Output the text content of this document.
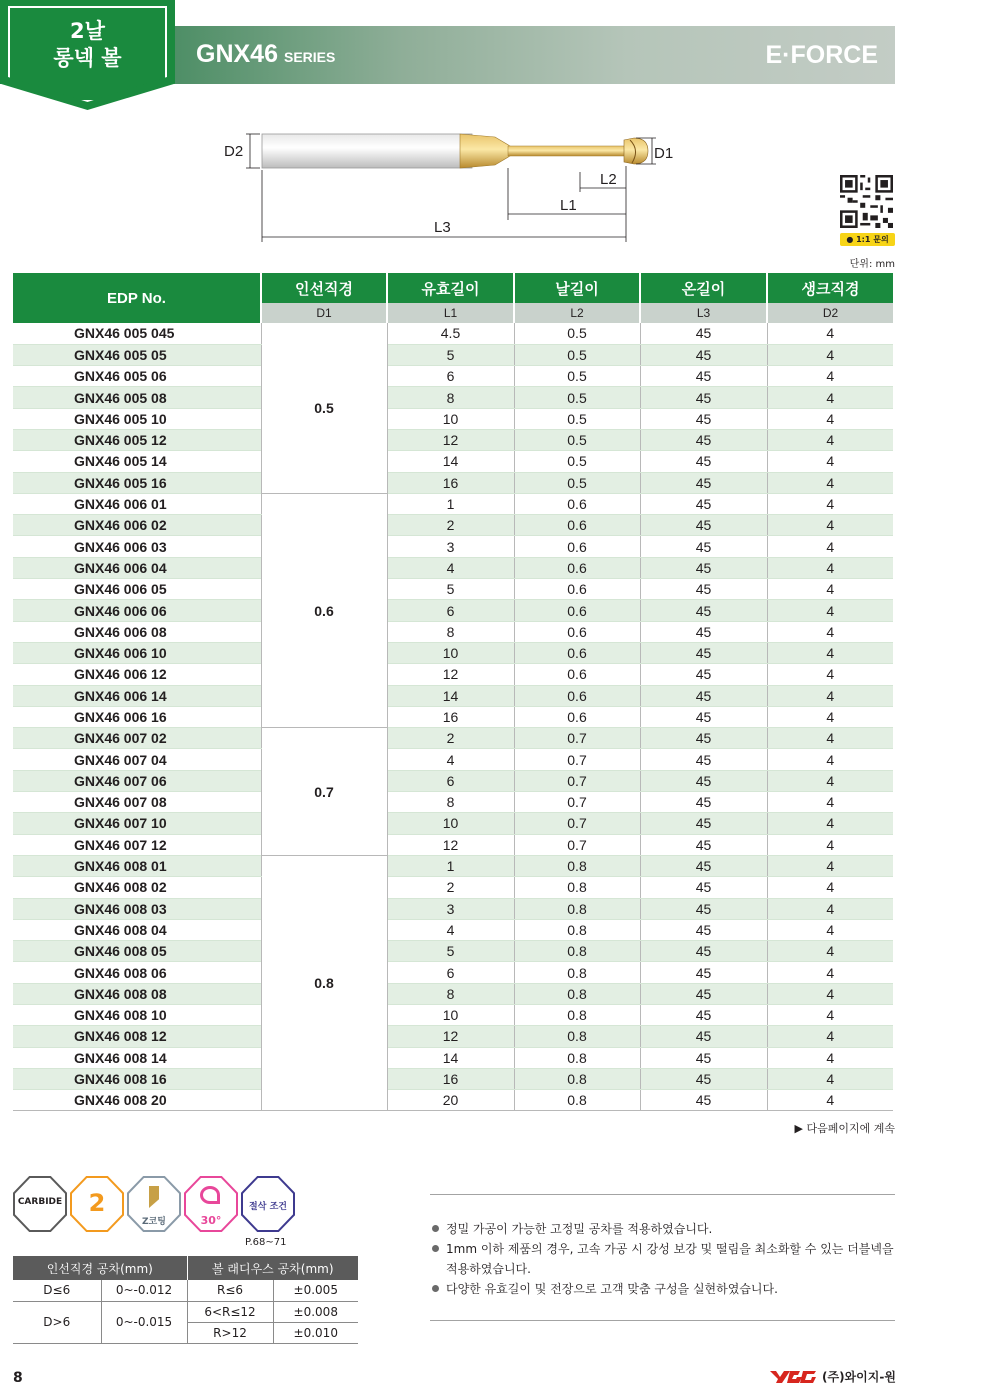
2날
롱넥 볼	GNX46 SERIES	E·FORCE
D2	D1
L2
L1
L3
● 1:1 문의
단위: mm
EDP No.	인선직경	유효길이	날길이	온길이	생크직경
	D1	L1	L2	L3	D2
GNX46 005 045	0.5	4.5	0.5	45	4
GNX46 005 05		5	0.5	45	4
GNX46 005 06		6	0.5	45	4
GNX46 005 08		8	0.5	45	4
GNX46 005 10		10	0.5	45	4
GNX46 005 12		12	0.5	45	4
GNX46 005 14		14	0.5	45	4
GNX46 005 16		16	0.5	45	4
GNX46 006 01	0.6	1	0.6	45	4
GNX46 006 02		2	0.6	45	4
GNX46 006 03		3	0.6	45	4
GNX46 006 04		4	0.6	45	4
GNX46 006 05		5	0.6	45	4
GNX46 006 06		6	0.6	45	4
GNX46 006 08		8	0.6	45	4
GNX46 006 10		10	0.6	45	4
GNX46 006 12		12	0.6	45	4
GNX46 006 14		14	0.6	45	4
GNX46 006 16		16	0.6	45	4
GNX46 007 02	0.7	2	0.7	45	4
GNX46 007 04		4	0.7	45	4
GNX46 007 06		6	0.7	45	4
GNX46 007 08		8	0.7	45	4
GNX46 007 10		10	0.7	45	4
GNX46 007 12		12	0.7	45	4
GNX46 008 01	0.8	1	0.8	45	4
GNX46 008 02		2	0.8	45	4
GNX46 008 03		3	0.8	45	4
GNX46 008 04		4	0.8	45	4
GNX46 008 05		5	0.8	45	4
GNX46 008 06		6	0.8	45	4
GNX46 008 08		8	0.8	45	4
GNX46 008 10		10	0.8	45	4
GNX46 008 12		12	0.8	45	4
GNX46 008 14		14	0.8	45	4
GNX46 008 16		16	0.8	45	4
GNX46 008 20		20	0.8	45	4
▶ 다음페이지에 계속
CARBIDE	2
Z코팅	30°
절삭 조건
P.68~71
인선직경 공차(mm)		볼 래디우스 공차(mm)	
D≤6	0~-0.012	R≤6	±0.005
D>6	0~-0.015	6<R≤12	±0.008
		R>12	±0.010
정밀 가공이 가능한 고정밀 공차를 적용하였습니다.
1mm 이하 제품의 경우, 고속 가공 시 강성 보강 및 떨림을 최소화할 수 있는 더블넥을 적용하였습니다.
다양한 유효길이 및 전장으로 고객 맞춤 구성을 실현하였습니다.
8	(주)와이지-원
